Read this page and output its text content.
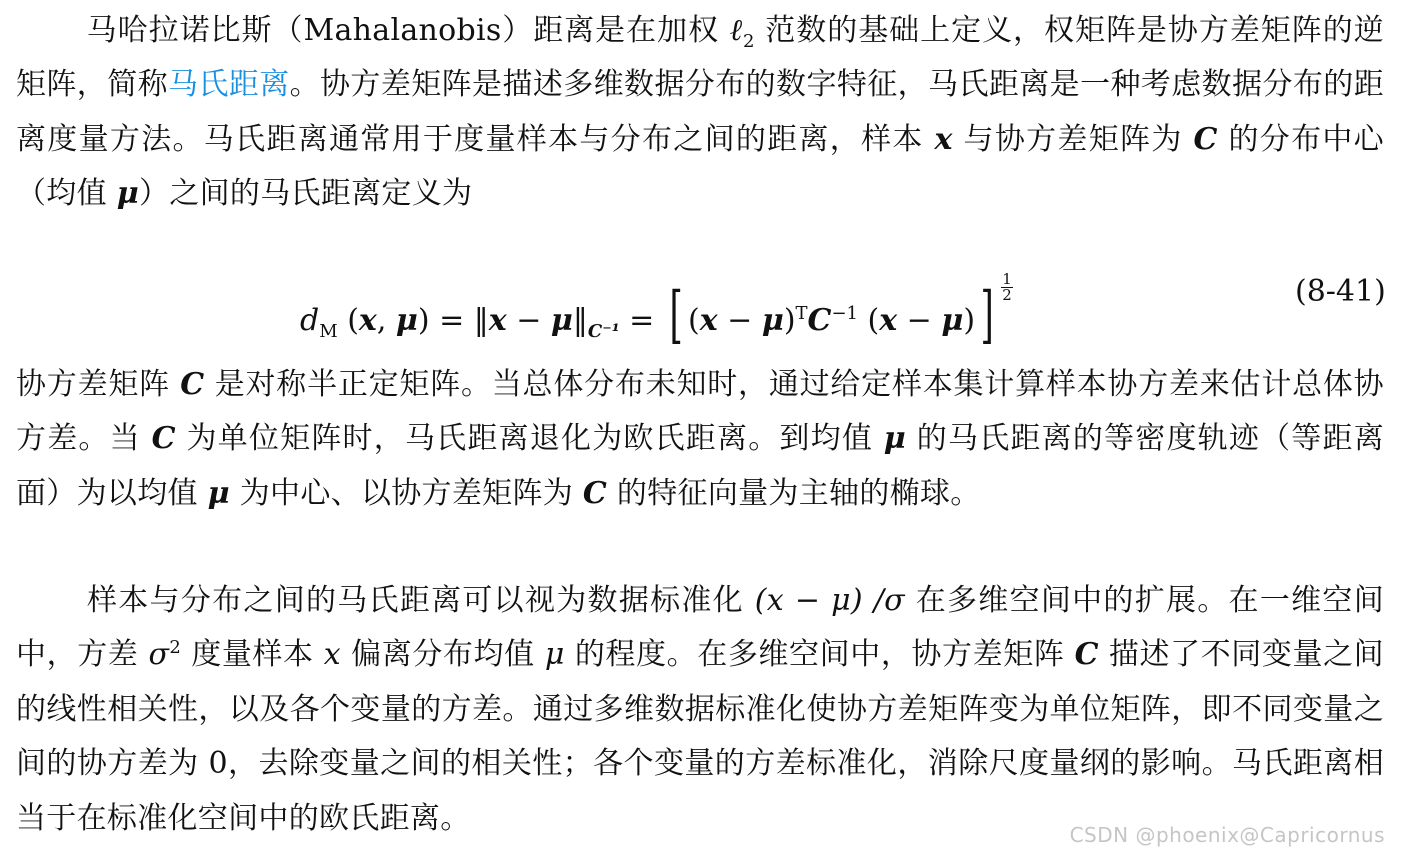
马哈拉诺比斯（Mahalanobis）距离是在加权 ℓ$_2$ 范数的基础上定义，权矩阵是协方差矩阵的逆矩阵，简称马氏距离。协方差矩阵是描述多维数据分布的数字特征，马氏距离是一种考虑数据分布的距离度量方法。马氏距离通常用于度量样本与分布之间的距离，样本 x 与协方差矩阵为 C 的分布中心（均值 μ）之间的马氏距离定义为

$d_M$ (x, μ) = ‖x − $\mu‖_{C^{-1}}$ = [ $(x - \mu)^TC^{-1}$ $(x - \mu)] \frac{1}{2}$	(8-41)

协方差矩阵 C 是对称半正定矩阵。当总体分布未知时，通过给定样本集计算样本协方差来估计总体协方差。当 C 为单位矩阵时，马氏距离退化为欧氏距离。到均值 μ 的马氏距离的等密度轨迹（等距离面）为以均值 μ 为中心、以协方差矩阵为 C 的特征向量为主轴的椭球。

样本与分布之间的马氏距离可以视为数据标准化 (x − μ) /σ 在多维空间中的扩展。在一维空间中，方差 $\sigma^2$ 度量样本 x 偏离分布均值 μ 的程度。在多维空间中，协方差矩阵 C 描述了不同变量之间的线性相关性，以及各个变量的方差。通过多维数据标准化使协方差矩阵变为单位矩阵，即不同变量之间的协方差为 0，去除变量之间的相关性；各个变量的方差标准化，消除尺度量纲的影响。马氏距离相当于在标准化空间中的欧氏距离。	CSDN @phoenix@Capricornus
